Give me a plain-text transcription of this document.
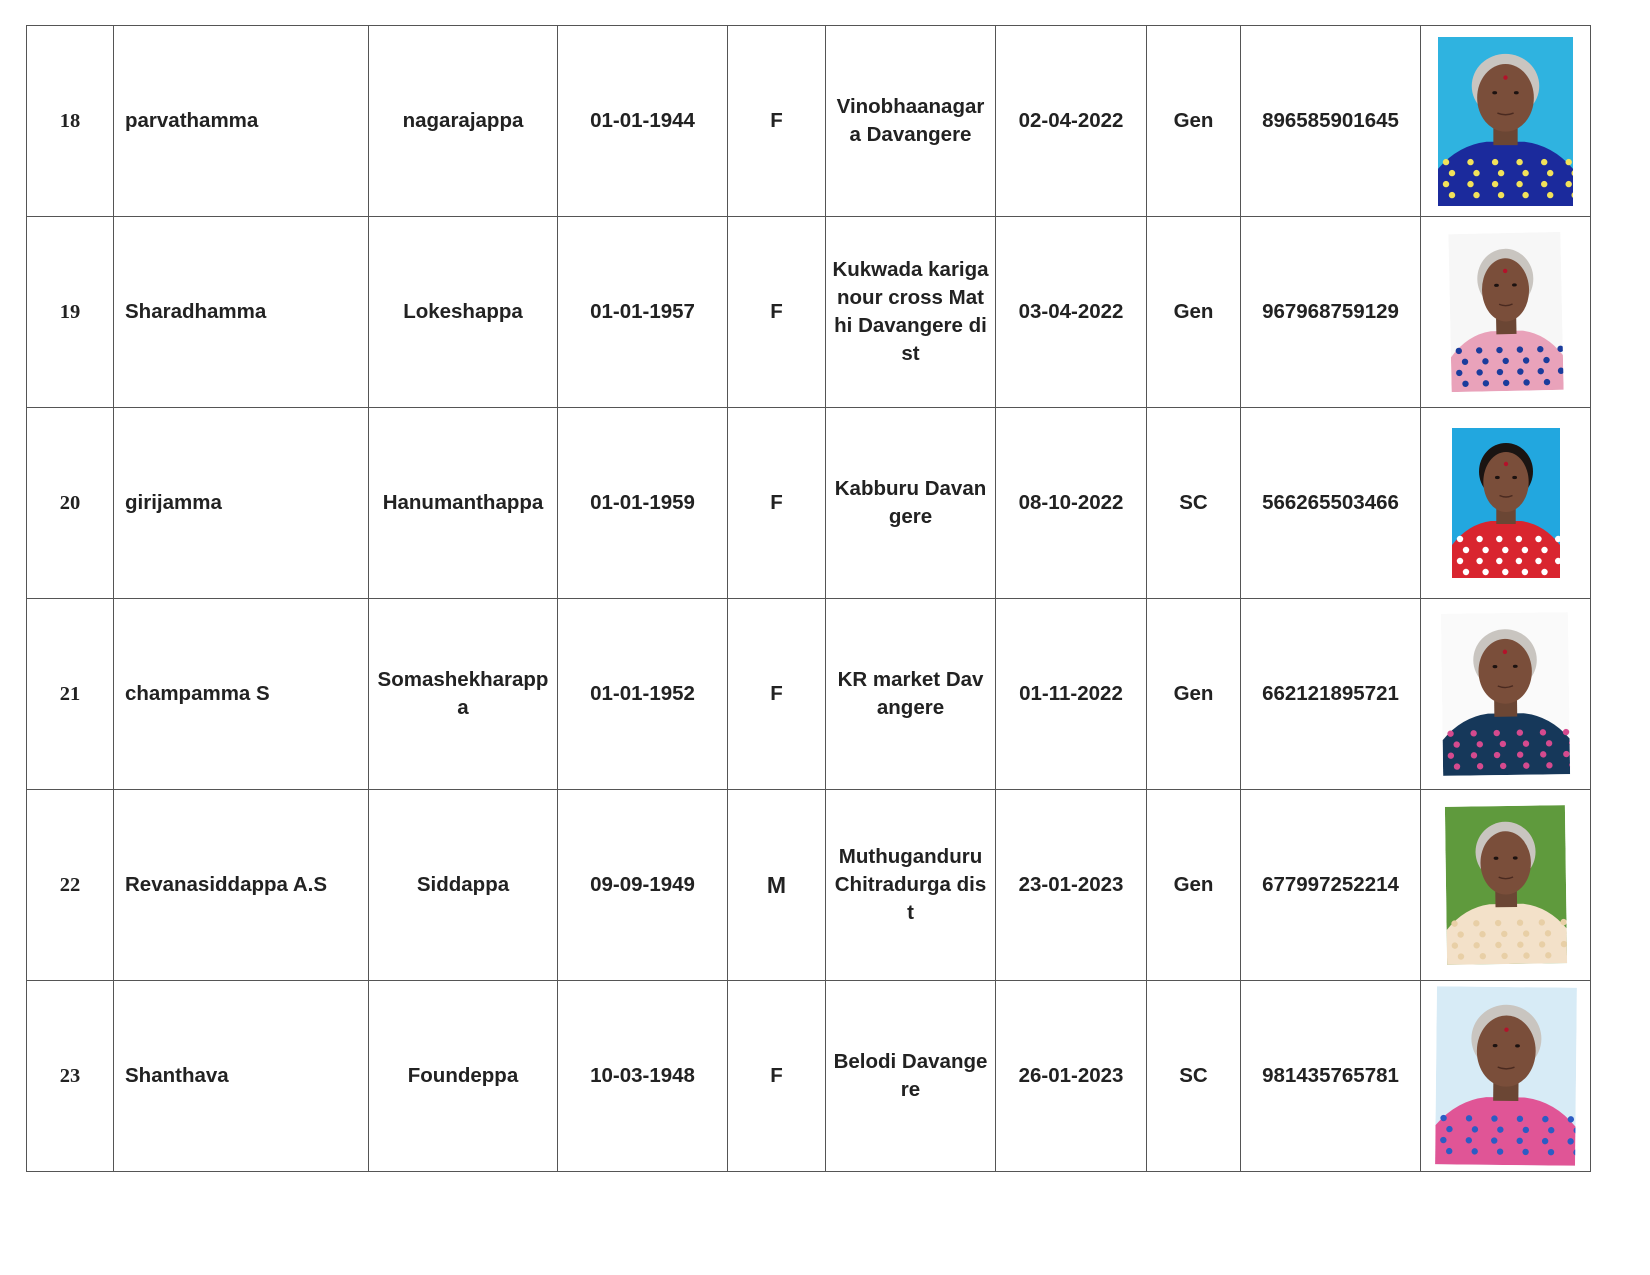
18	parvathamma	nagarajappa	01-01-1944	F	Vinobhaanagara Davangere	02-04-2022	Gen	896585901645	

19	Sharadhamma	Lokeshappa	01-01-1957	F	Kukwada kariganour cross Mathi Davangere dist	03-04-2022	Gen	967968759129	

20	girijamma	Hanumanthappa	01-01-1959	F	Kabburu Davangere	08-10-2022	SC	566265503466	

21	champamma S	Somashekharappa	01-01-1952	F	KR market Davangere	01-11-2022	Gen	662121895721	

22	Revanasiddappa A.S	Siddappa	09-09-1949	M	Muthuganduru Chitradurga dist	23-01-2023	Gen	677997252214	

23	Shanthava	Foundeppa	10-03-1948	F	Belodi Davangere	26-01-2023	SC	981435765781	
